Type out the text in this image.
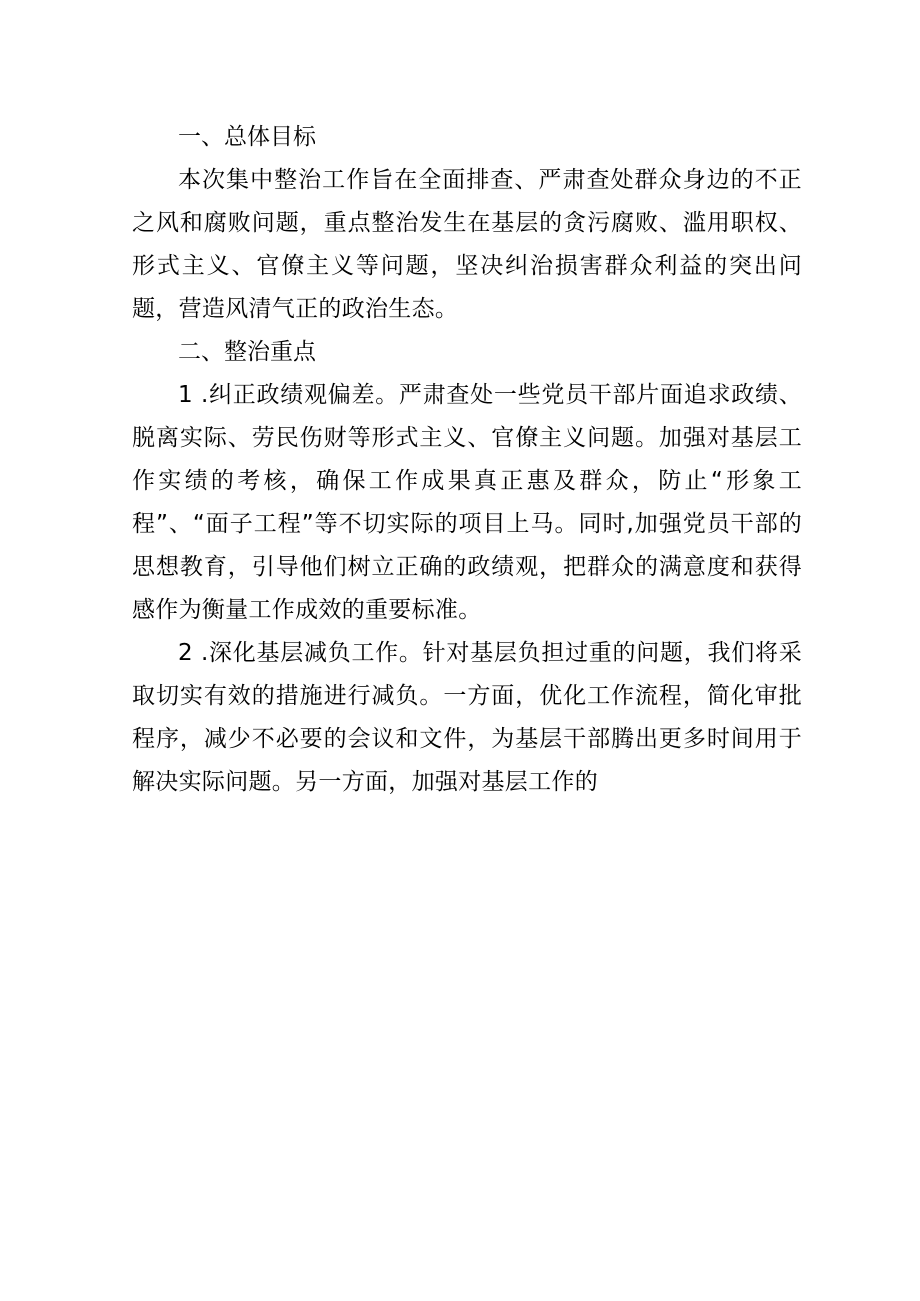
一、总体目标

本次集中整治工作旨在全面排查、严肃查处群众身边的不正之风和腐败问题，重点整治发生在基层的贪污腐败、滥用职权、形式主义、官僚主义等问题，坚决纠治损害群众利益的突出问题，营造风清气正的政治生态。

二、整治重点

1 .纠正政绩观偏差。严肃查处一些党员干部片面追求政绩、脱离实际、劳民伤财等形式主义、官僚主义问题。加强对基层工作实绩的考核，确保工作成果真正惠及群众，防止“形象工程”、“面子工程”等不切实际的项目上马。同时,加强党员干部的思想教育，引导他们树立正确的政绩观，把群众的满意度和获得感作为衡量工作成效的重要标准。

2 .深化基层减负工作。针对基层负担过重的问题，我们将采取切实有效的措施进行减负。一方面，优化工作流程，简化审批程序，减少不必要的会议和文件，为基层干部腾出更多时间用于解决实际问题。另一方面，加强对基层工作的
